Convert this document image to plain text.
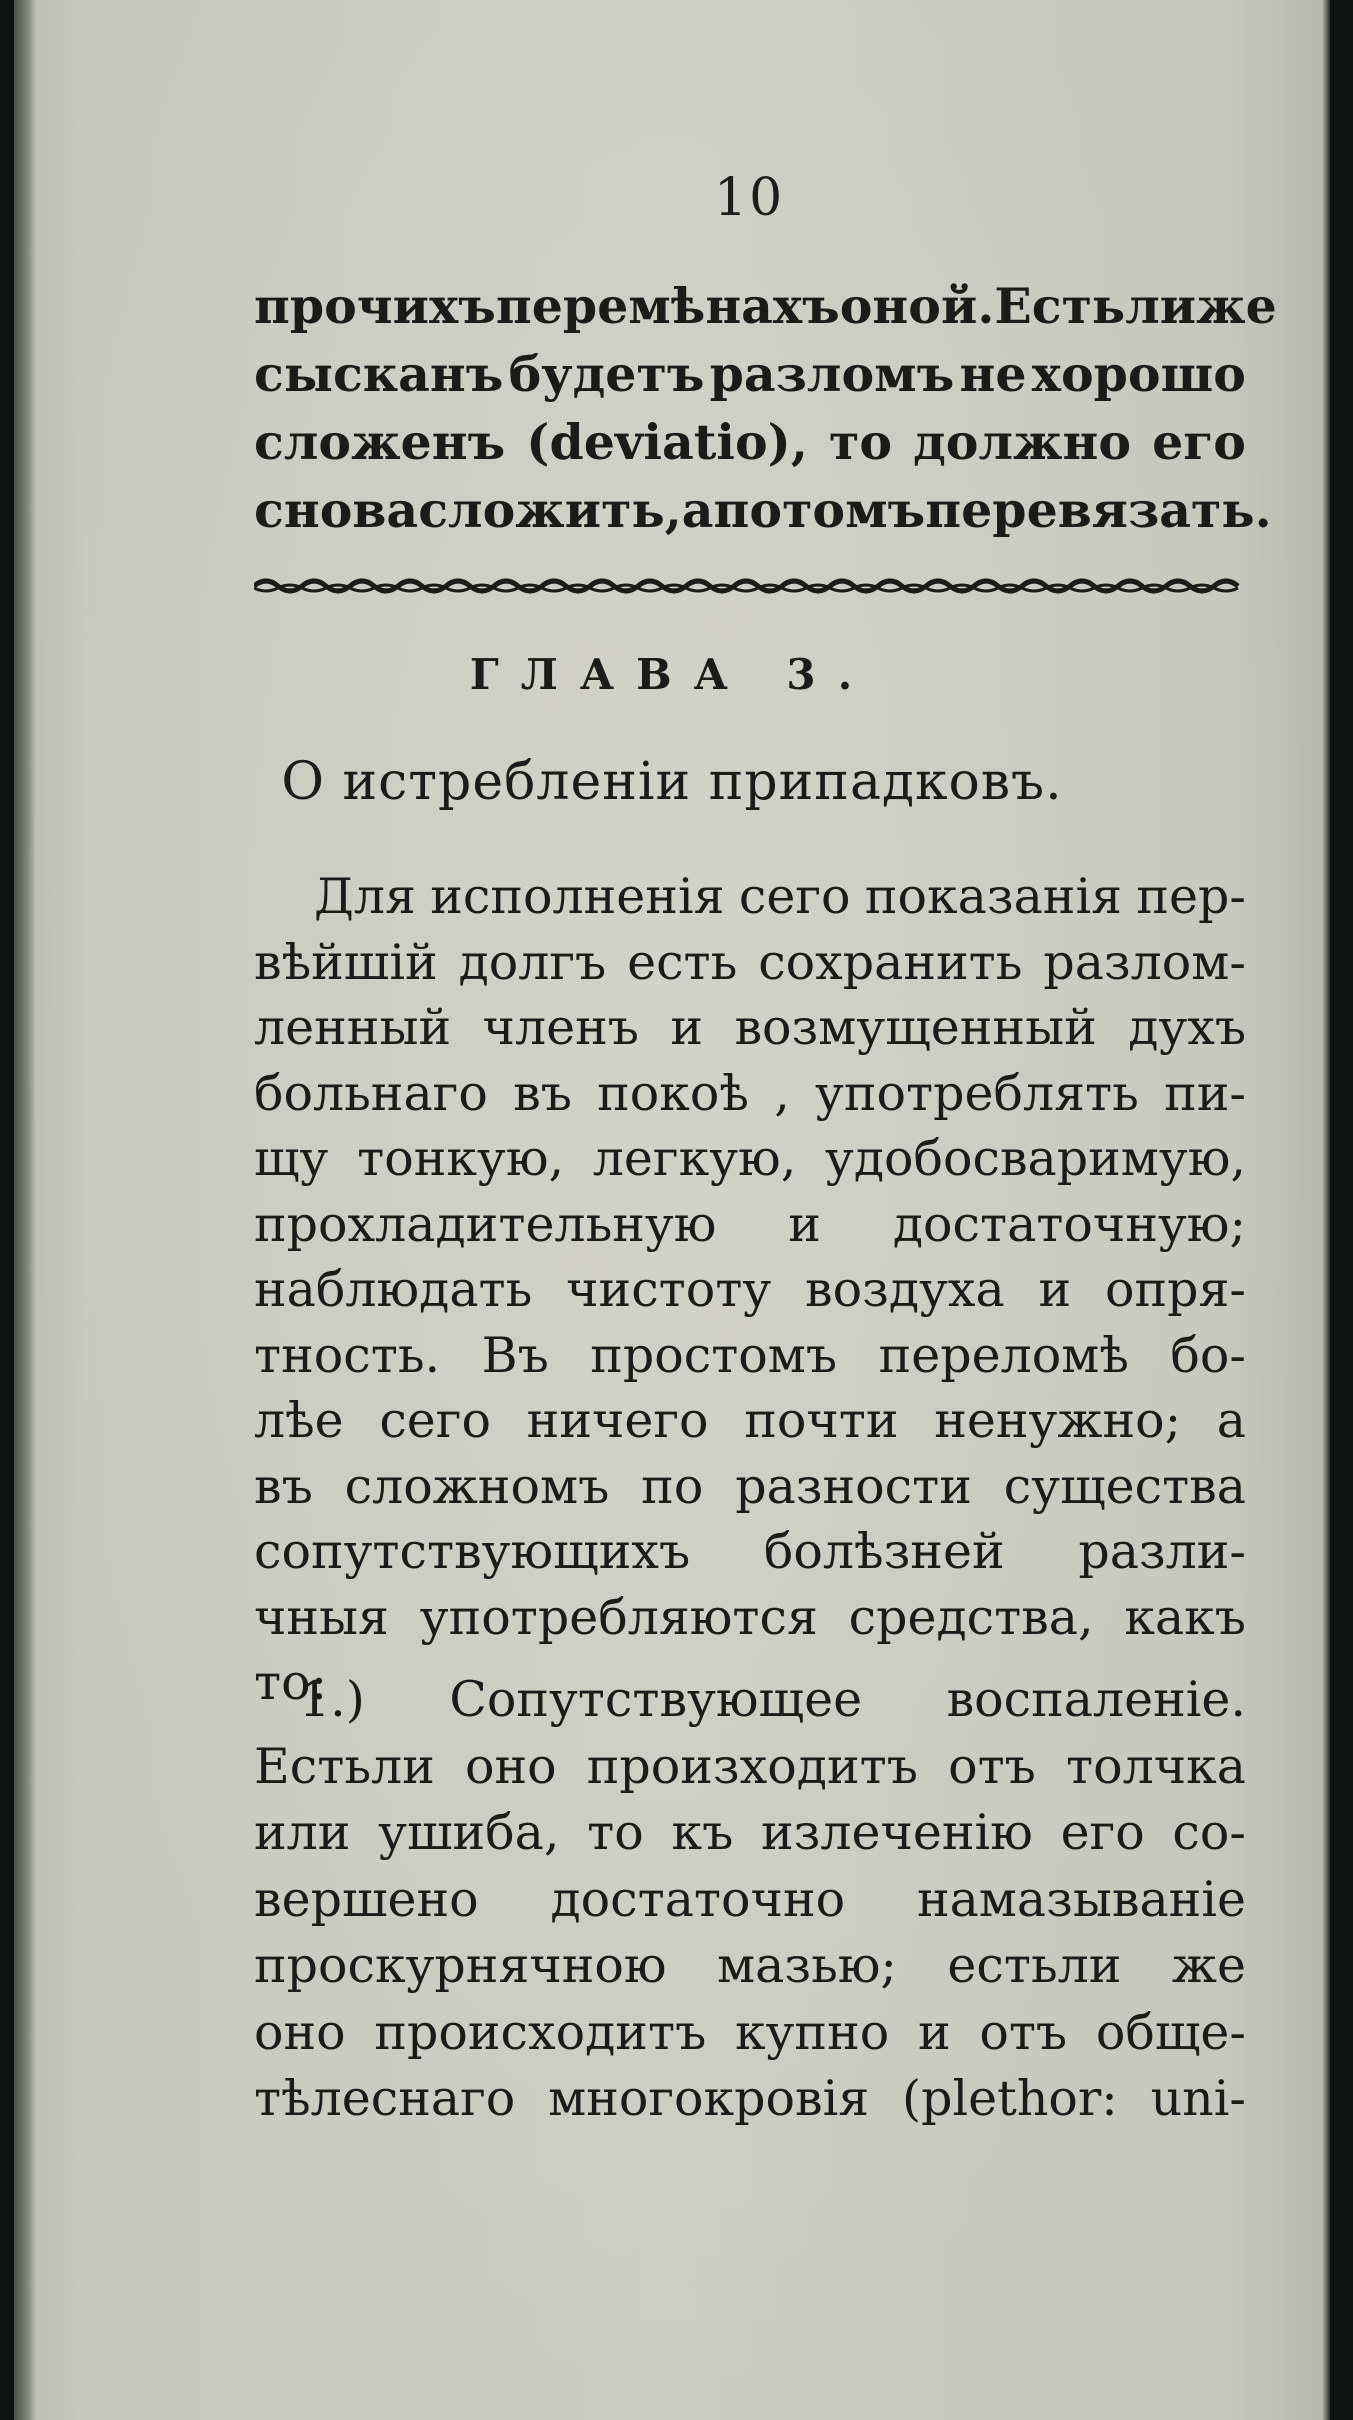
10
прочихъ перемѣнахъ оной. Естьли же
сысканъ будетъ разломъ не хорошо
сложенъ (deviatio), то должно его
снова сложить, а потомъ перевязать.
ГЛАВА 3.
О истребленіи припадковъ.
Для исполненія сего показанія пер-
вѣйшій долгъ есть сохранить разлом-
ленный членъ и возмущенный духъ
больнаго въ покоѣ , употреблять пи-
щу тонкую, легкую, удобосваримую,
прохладительную и достаточную;
наблюдать чистоту воздуха и опря-
тность. Въ простомъ переломѣ бо-
лѣе сего ничего почти ненужно; а
въ сложномъ по разности существа
сопутствующихъ болѣзней разли-
чныя употребляются средства, какъ
то:
1.) Сопутствующее воспаленіе.
Естьли оно произходитъ отъ толчка
или ушиба, то къ излеченію его со-
вершено достаточно намазываніе
проскурнячною мазью; естьли же
оно происходитъ купно и отъ обще-
тѣлеснаго многокровія (plethor: uni-
